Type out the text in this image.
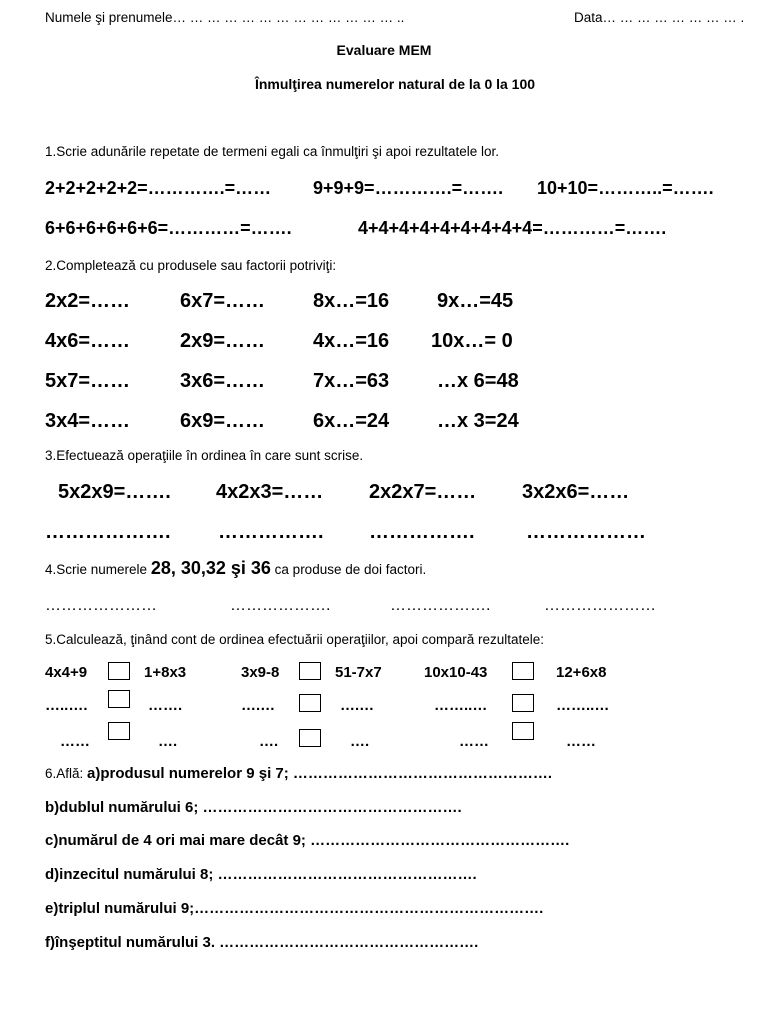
Numele şi prenumele… … … … … … … … … … … … … ..	Data… … … … … … … … .
Evaluare MEM
Înmulţirea numerelor natural de la 0 la 100
1.Scrie adunările repetate de termeni egali ca înmulţiri şi apoi rezultatele lor.
2+2+2+2+2=………….=…… 9+9+9=………….=……. 10+10=………..=…….
6+6+6+6+6+6=…………=…….	4+4+4+4+4+4+4+4+4=…………=…….
2.Completează cu produsele sau factorii potriviţi:
2x2=…… 6x7=…… 8x…=16 9x…=45
4x6=…… 2x9=…… 4x…=16 10x…= 0
5x7=…… 3x6=…… 7x…=63 …x 6=48
3x4=…… 6x9=…… 6x…=24 …x 3=24
3.Efectuează operaţiile în ordinea în care sunt scrise.
5x2x9=……. 4x2x3=…… 2x2x7=…… 3x2x6=……
………………. ……………. …………….	………………
4.Scrie numerele 28, 30,32 şi 36 ca produse de doi factori.
…………………	……………….	……………….	…………………
5.Calculează, ţinând cont de ordinea efectuării operaţiilor, apoi compară rezultatele:
4x4+9	1+8x3	3x9-8	51-7x7	10x10-43	12+6x8
…..….	…….	….…	….…	……..…	……..…
……	….	….	….	……	……
6.Află: a)produsul numerelor 9 şi 7; …………………………………………….
b)dublul numărului 6; …………………………………………….
c)numărul de 4 ori mai mare decât 9; …………………………………………….
d)inzecitul numărului 8; …………………………………………….
e)triplul numărului 9;…………………………………………………………….
f)înşeptitul numărului 3. …………………………………………….
